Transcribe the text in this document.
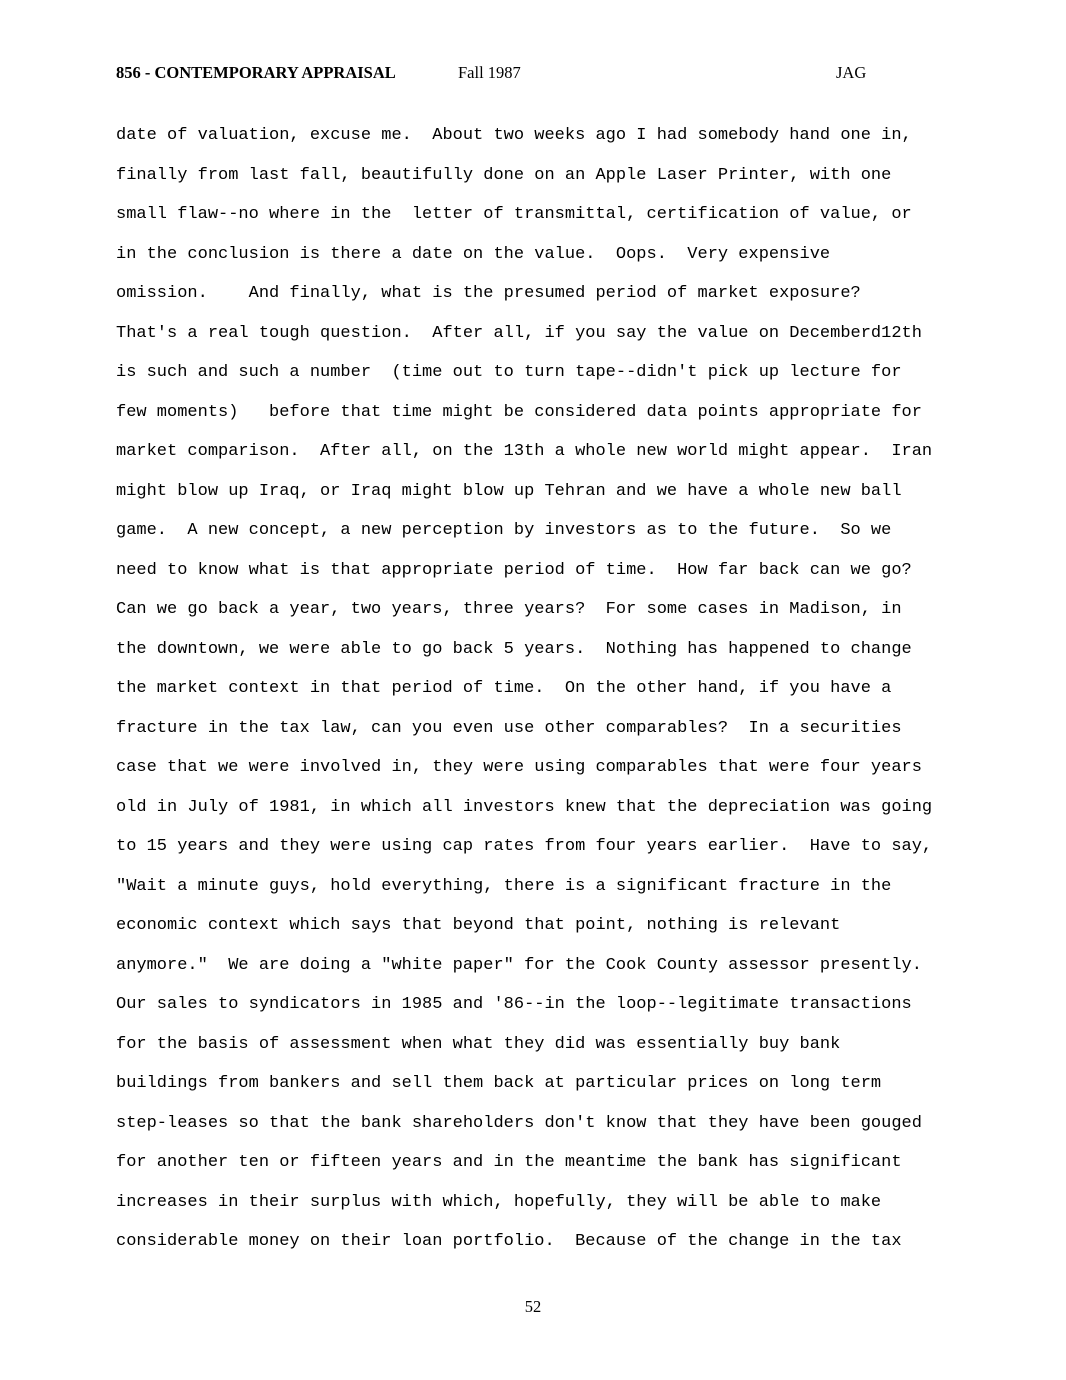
856 - CONTEMPORARY APPRAISAL	Fall 1987	JAG
date of valuation, excuse me.  About two weeks ago I had somebody hand one in,
finally from last fall, beautifully done on an Apple Laser Printer, with one
small flaw--no where in the  letter of transmittal, certification of value, or
in the conclusion is there a date on the value.  Oops.  Very expensive
omission.    And finally, what is the presumed period of market exposure?
That's a real tough question.  After all, if you say the value on Decemberd12th
is such and such a number  (time out to turn tape--didn't pick up lecture for
few moments)   before that time might be considered data points appropriate for
market comparison.  After all, on the 13th a whole new world might appear.  Iran
might blow up Iraq, or Iraq might blow up Tehran and we have a whole new ball
game.  A new concept, a new perception by investors as to the future.  So we
need to know what is that appropriate period of time.  How far back can we go?
Can we go back a year, two years, three years?  For some cases in Madison, in
the downtown, we were able to go back 5 years.  Nothing has happened to change
the market context in that period of time.  On the other hand, if you have a
fracture in the tax law, can you even use other comparables?  In a securities
case that we were involved in, they were using comparables that were four years
old in July of 1981, in which all investors knew that the depreciation was going
to 15 years and they were using cap rates from four years earlier.  Have to say,
"Wait a minute guys, hold everything, there is a significant fracture in the
economic context which says that beyond that point, nothing is relevant
anymore."  We are doing a "white paper" for the Cook County assessor presently.
Our sales to syndicators in 1985 and '86--in the loop--legitimate transactions
for the basis of assessment when what they did was essentially buy bank
buildings from bankers and sell them back at particular prices on long term
step-leases so that the bank shareholders don't know that they have been gouged
for another ten or fifteen years and in the meantime the bank has significant
increases in their surplus with which, hopefully, they will be able to make
considerable money on their loan portfolio.  Because of the change in the tax
52
